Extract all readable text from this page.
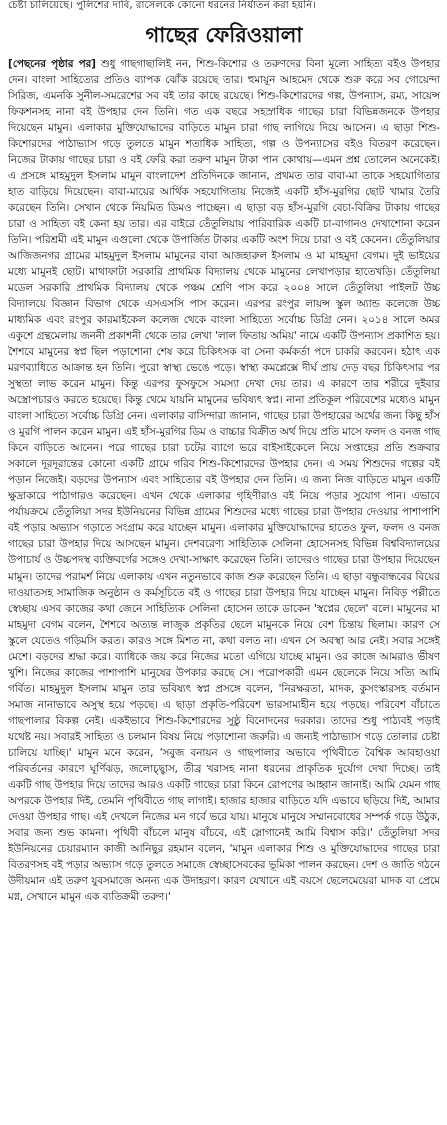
চেষ্টা চালিয়েছে। পুলিশের দাবি, রাসেলকে কোনো ধরনের নির্যাতন করা হয়নি।

গাছের ফেরিওয়ালা

[পেছনের পৃষ্ঠার পর] শুধু গাছগাছালিই নন, শিশু-কিশোর ও তরুণদের বিনা মূল্যে সাহিত্য বইও উপহার দেন। বাংলা সাহিত্যের প্রতিও ব্যাপক ঝোঁক রয়েছে তার। হুমায়ূন আহমেদ থেকে শুরু করে সব গোয়েন্দা সিরিজ, এমনকি সুনীল-সমরেশের সব বই তার কাছে রয়েছে। শিশু-কিশোরদের গল্প, উপন্যাস, রম্য, সায়েন্স ফিকশনসহ নানা বই উপহার দেন তিনি। গত এক বছরে সহস্রাধিক গাছের চারা বিভিন্নজনকে উপহার দিয়েছেন মামুন। এলাকার মুক্তিযোদ্ধাদের বাড়িতে মামুন চারা গাছ লাগিয়ে দিয়ে আসেন। এ ছাড়া শিশু-কিশোরদের পাঠাভ্যাস গড়ে তুলতে মামুন শতাধিক সাহিত্য, গল্প ও উপন্যাসের বইও বিতরণ করেছেন। নিজের টাকায় গাছের চারা ও বই ফেরি করা তরুণ মামুন টাকা পান কোথায়—এমন প্রশ্ন তোলেন অনেকেই। এ প্রসঙ্গে মাহমুদুল ইসলাম মামুন বাংলাদেশ প্রতিদিনকে জানান, প্রথমত তার বাবা-মা তাকে সহযোগিতার হাত বাড়িয়ে দিয়েছেন। বাবা-মায়ের আর্থিক সহযোগিতায় নিজেই একটি হাঁস-মুরগির ছোট খামার তৈরি করেছেন তিনি। সেখান থেকে নিয়মিত ডিমও পাচ্ছেন। এ ছাড়া বড় হাঁস-মুরগি বেচা-বিক্রির টাকায় গাছের চারা ও সাহিত্য বই কেনা হয় তার। এর বাইরে তেঁতুলিয়ায় পারিবারিক একটি চা-বাগানও দেখাশোনা করেন তিনি। পরিশ্রমী এই মামুন এগুলো থেকে উপার্জিত টাকার একটি অংশ দিয়ে চারা ও বই কেনেন। তেঁতুলিয়ার আজিজনগর গ্রামের মাহমুদুল ইসলাম মামুনের বাবা আজহারুল ইসলাম ও মা মাহমুদা বেগম। দুই ভাইয়ের মধ্যে মামুনই ছোট। মাথাফাটা সরকারি প্রাথমিক বিদ্যালয় থেকে মামুনের লেখাপড়ার হাতেখড়ি। তেঁতুলিয়া মডেল সরকারি প্রাথমিক বিদ্যালয় থেকে পঞ্চম শ্রেণি পাস করে ২০০৪ সালে তেঁতুলিয়া পাইলট উচ্চ বিদ্যালয়ে বিজ্ঞান বিভাগ থেকে এসএসসি পাস করেন। এরপর রংপুর লায়ন্স স্কুল অ্যান্ড কলেজে উচ্চ মাধ্যমিক এবং রংপুর কারমাইকেল কলেজ থেকে বাংলা সাহিত্যে সর্বোচ্চ ডিগ্রি নেন। ২০১৪ সালে অমর একুশে গ্রন্থমেলায় জননী প্রকাশনী থেকে তার লেখা 'লাল ফিতায় অমিয়' নামে একটি উপন্যাস প্রকাশিত হয়। শৈশবে মামুনের স্বপ্ন ছিল পড়াশোনা শেষ করে চিকিৎসক বা সেনা কর্মকর্তা পদে চাকরি করবেন। হঠাৎ এক মরণব্যাধিতে আক্রান্ত হন তিনি। পুরো স্বাস্থ্য ভেঙে পড়ে। স্বাস্থ্য কমপ্লেক্সে দীর্ঘ প্রায় দেড় বছর চিকিৎসার পর সুস্থতা লাভ করেন মামুন। কিন্তু এরপর ফুসফুসে সমস্যা দেখা দেয় তার। এ কারণে তার শরীরে দুইবার অস্ত্রোপচারও করতে হয়েছে। কিন্তু থেমে যায়নি মামুনের ভবিষ্যৎ স্বপ্ন। নানা প্রতিকূল পরিবেশের মধ্যেও মামুন বাংলা সাহিত্যে সর্বোচ্চ ডিগ্রি নেন। এলাকার বাসিন্দারা জানান, গাছের চারা উপহারের অর্থের জন্য কিছু হাঁস ও মুরগি পালন করেন মামুন। এই হাঁস-মুরগির ডিম ও বাচ্চার বিক্রীত অর্থ দিয়ে প্রতি মাসে ফলদ ও বনজ গাছ কিনে বাড়িতে আনেন। পরে গাছের চারা চটের ব্যাগে ভরে বাইসাইকেলে নিয়ে সপ্তাহের প্রতি শুক্রবার সকালে দূরদূরান্তের কোনো একটি গ্রামে গরিব শিশু-কিশোরদের উপহার দেন। এ সময় শিশুদের গল্পের বই পড়ান নিজেই। বড়দের উপন্যাস এবং সাহিত্যের বই উপহার দেন তিনি। এ জন্য নিজ বাড়িতে মামুন একটি ক্ষুদ্রাকারে পাঠাগারও করেছেন। এখন থেকে এলাকার গৃহিণীরাও বই নিয়ে পড়ার সুযোগ পান। এভাবে পর্যায়ক্রমে তেঁতুলিয়া সদর ইউনিয়নের বিভিন্ন গ্রামের শিশুদের মধ্যে গাছের চারা উপহার দেওয়ার পাশাপাশি বই পড়ার অভ্যাস গড়াতে সংগ্রাম করে যাচ্ছেন মামুন। এলাকার মুক্তিযোদ্ধাদের হাতেও ফুল, ফলদ ও বনজ গাছের চারা উপহার দিয়ে আসছেন মামুন। দেশবরেণ্য সাহিত্যিক সেলিনা হোসেনসহ বিভিন্ন বিশ্ববিদ্যালয়ের উপাচার্য ও উচ্চপদস্থ ব্যক্তিবর্গের সঙ্গেও দেখা-সাক্ষাৎ করেছেন তিনি। তাদেরও গাছের চারা উপহার দিয়েছেন মামুন। তাদের পরামর্শ নিয়ে এলাকায় এখন নতুনভাবে কাজ শুরু করেছেন তিনি। এ ছাড়া বন্ধুবান্ধবের বিয়ের দাওয়াতসহ সামাজিক অনুষ্ঠান ও কর্মসূচিতে বই ও গাছের চারা উপহার দিয়ে যাচ্ছেন মামুন। নিবিড় পল্লীতে স্বেচ্ছায় এসব কাজের কথা জেনে সাহিত্যিক সেলিনা হোসেন তাকে ডাকেন 'স্বপ্নের ছেলে' বলে। মামুনের মা মাহমুদা বেগম বলেন, শৈশবে অত্যন্ত লাজুক প্রকৃতির ছেলে মামুনকে নিয়ে বেশ চিন্তায় ছিলাম। কারণ সে স্কুলে যেতেও গড়িমসি করত। কারও সঙ্গে মিশত না, কথা বলত না। এখন সে অবস্থা আর নেই। সবার সঙ্গেই মেশে। বড়দের শ্রদ্ধা করে। ব্যাধিকে জয় করে নিজের মতো এগিয়ে যাচ্ছে মামুন। ওর কাজে আমরাও ভীষণ খুশি। নিজের কাজের পাশাপাশি মানুষের উপকার করছে সে। পরোপকারী এমন ছেলেকে নিয়ে সত্যি আমি গর্বিত। মাহমুদুল ইসলাম মামুন তার ভবিষ্যৎ স্বপ্ন প্রসঙ্গে বলেন, 'নিরক্ষরতা, মাদক, কুসংস্কারসহ বর্তমান সমাজ নানাভাবে অসুস্থ হয়ে পড়ছে। এ ছাড়া প্রকৃতি-পরিবেশ ভারসাম্যহীন হয়ে পড়ছে। পরিবেশ বাঁচাতে গাছপালার বিকল্প নেই। একইভাবে শিশু-কিশোরদের সুষ্ঠু বিনোদনের দরকার। তাদের শুধু পাঠ্যবই পড়াই যথেষ্ট নয়। সবারই সাহিত্য ও চলমান বিষয় নিয়ে পড়াশোনা জরুরি। এ জন্যই পাঠাভ্যাস গড়ে তোলার চেষ্টা চালিয়ে যাচ্ছি।' মামুন মনে করেন, 'সবুজ বনায়ন ও গাছপালার অভাবে পৃথিবীতে বৈশ্বিক আবহাওয়া পরিবর্তনের কারণে ঘূর্ণিঝড়, জলোচ্ছ্বাস, তীব্র খরাসহ নানা ধরনের প্রাকৃতিক দুর্যোগ দেখা দিচ্ছে। তাই একটি গাছ উপহার দিয়ে তাদের আরও একটি গাছের চারা কিনে রোপণের আহ্বান জানাই। আমি যেমন গাছ অপরকে উপহার দিই, তেমনি পৃথিবীতে গাছ লাগাই। হাজার হাজার বাড়িতে যদি এভাবে ছড়িয়ে দিই, আমার দেওয়া উপহার গাছ। এই দেখলে নিজের মন গর্বে ভরে যায়। মানুষে মানুষে সম্মানবোধের সম্পর্ক গড়ে উঠুক, সবার জন্য শুভ কামনা। পৃথিবী বাঁচলে মানুষ বাঁচবে, এই স্লোগানেই আমি বিশ্বাস করি।' তেঁতুলিয়া সদর ইউনিয়নের চেয়ারম্যান কাজী আনিছুর রহমান বলেন, 'মামুন এলাকার শিশু ও মুক্তিযোদ্ধাদের গাছের চারা বিতরণসহ বই পড়ার অভ্যাস গড়ে তুলতে সমাজে স্বেচ্ছাসেবকের ভূমিকা পালন করছেন। দেশ ও জাতি গঠনে উদীয়মান এই তরুণ যুবসমাজে অনন্য এক উদাহরণ। কারণ যেখানে এই বয়সে ছেলেমেয়েরা মাদক বা প্রেমে মগ্ন, সেখানে মামুন এক ব্যতিক্রমী তরুণ।'
